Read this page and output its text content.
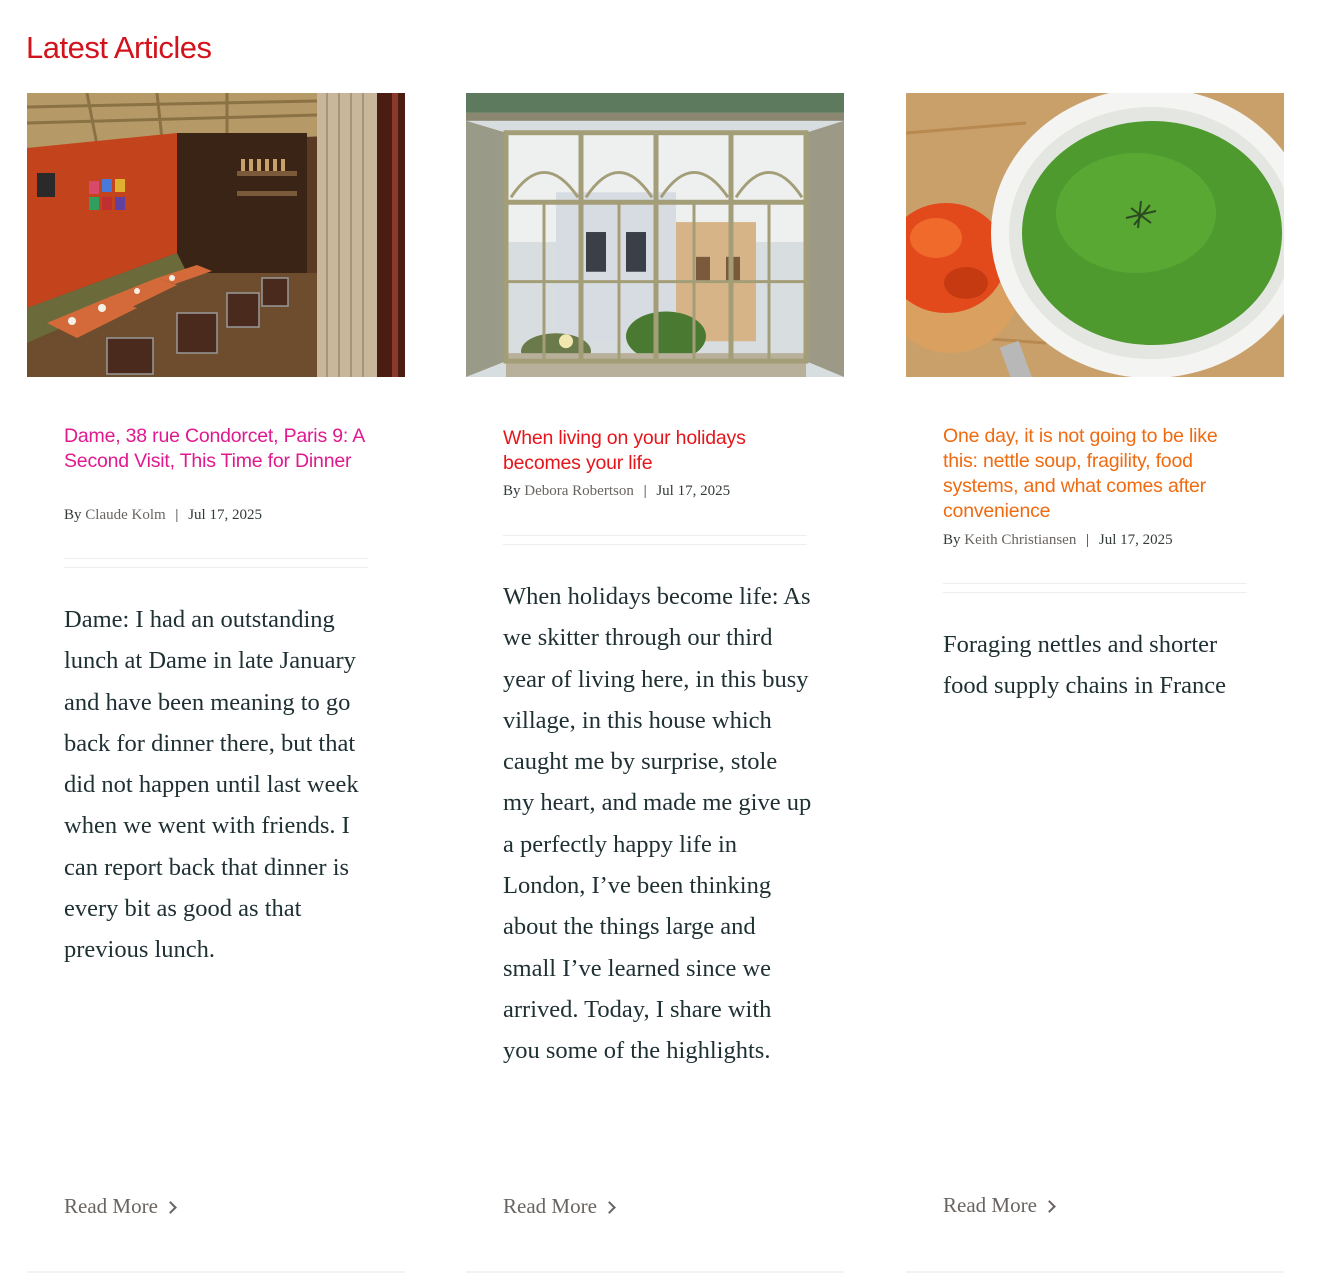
Latest Articles
Dame, 38 rue Condorcet, Paris 9: A Second Visit, This Time for Dinner
By Claude Kolm | Jul 17, 2025

Dame: I had an outstanding lunch at Dame in late January and have been meaning to go back for dinner there, but that did not happen until last week when we went with friends. I can report back that dinner is every bit as good as that previous lunch.

Read More
When living on your holidays becomes your life
By Debora Robertson | Jul 17, 2025

When holidays become life: As we skitter through our third year of living here, in this busy village, in this house which caught me by surprise, stole my heart, and made me give up a perfectly happy life in London, I’ve been thinking about the things large and small I’ve learned since we arrived. Today, I share with you some of the highlights.

Read More
One day, it is not going to be like this: nettle soup, fragility, food systems, and what comes after convenience
By Keith Christiansen | Jul 17, 2025

Foraging nettles and shorter food supply chains in France

Read More
